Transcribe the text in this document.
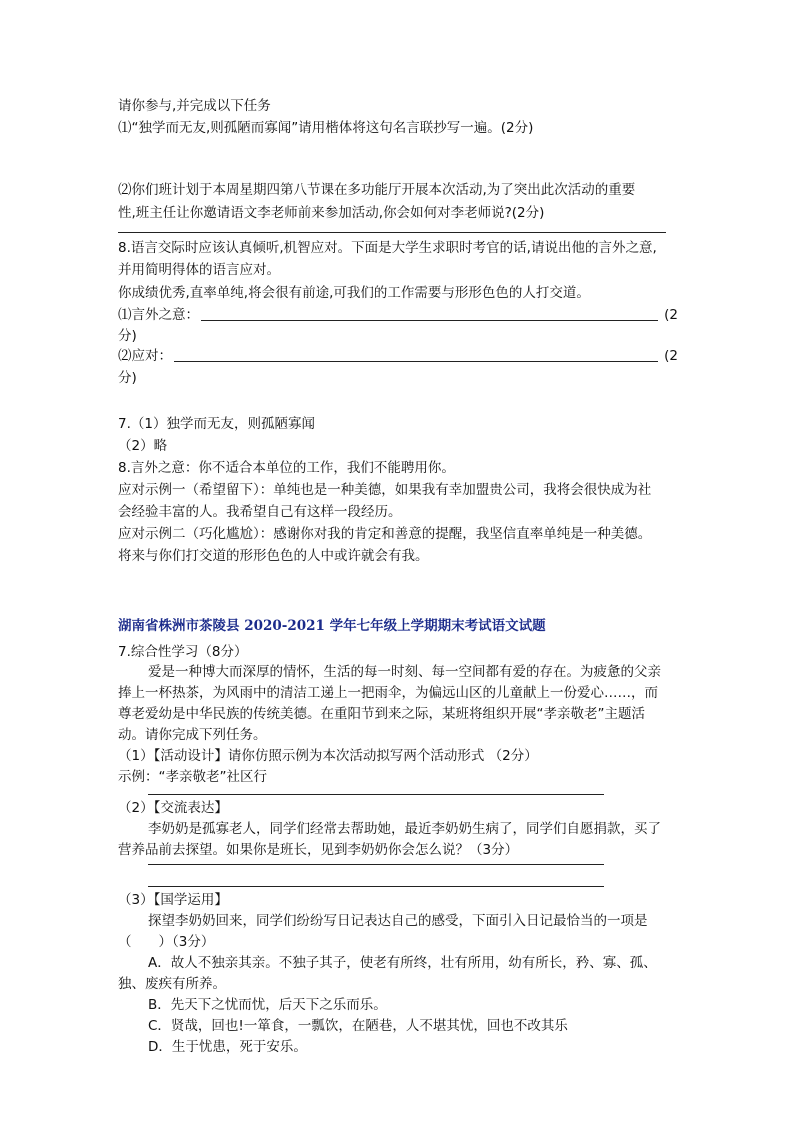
请你参与,并完成以下任务
⑴“独学而无友,则孤陋而寡闻”请用楷体将这句名言联抄写一遍。(2分)
⑵你们班计划于本周星期四第八节课在多功能厅开展本次活动,为了突出此次活动的重要
性,班主任让你邀请语文李老师前来参加活动,你会如何对李老师说?(2分)
8.语言交际时应该认真倾听,机智应对。下面是大学生求职时考官的话,请说出他的言外之意,
并用简明得体的语言应对。
你成绩优秀,直率单纯,将会很有前途,可我们的工作需要与形形色色的人打交道。
⑴言外之意：	(2
分)
⑵应对：	(2
分)
7.（1）独学而无友，则孤陋寡闻
（2）略
8.言外之意：你不适合本单位的工作，我们不能聘用你。
应对示例一（希望留下）：单纯也是一种美德，如果我有幸加盟贵公司，我将会很快成为社
会经验丰富的人。我希望自己有这样一段经历。
应对示例二（巧化尴尬）：感谢你对我的肯定和善意的提醒，我坚信直率单纯是一种美德。
将来与你们打交道的形形色色的人中或许就会有我。
湖南省株洲市茶陵县 2020-2021 学年七年级上学期期末考试语文试题
7.综合性学习（8分）
爱是一种博大而深厚的情怀，生活的每一时刻、每一空间都有爱的存在。为疲惫的父亲
捧上一杯热茶，为风雨中的清洁工递上一把雨伞，为偏远山区的儿童献上一份爱心……，而
尊老爱幼是中华民族的传统美德。在重阳节到来之际，某班将组织开展“孝亲敬老”主题活
动。请你完成下列任务。
（1）【活动设计】请你仿照示例为本次活动拟写两个活动形式 （2分）
示例：“孝亲敬老”社区行
（2）【交流表达】
李奶奶是孤寡老人，同学们经常去帮助她，最近李奶奶生病了，同学们自愿捐款，买了
营养品前去探望。如果你是班长，见到李奶奶你会怎么说？（3分）
（3）【国学运用】
探望李奶奶回来，同学们纷纷写日记表达自己的感受，下面引入日记最恰当的一项是
（　　）（3分）
A．故人不独亲其亲。不独子其子，使老有所终，壮有所用，幼有所长，矜、寡、孤、
独、废疾有所养。
B．先天下之忧而忧，后天下之乐而乐。
C．贤哉，回也!一箪食，一瓢饮，在陋巷，人不堪其忧，回也不改其乐
D．生于忧患，死于安乐。
